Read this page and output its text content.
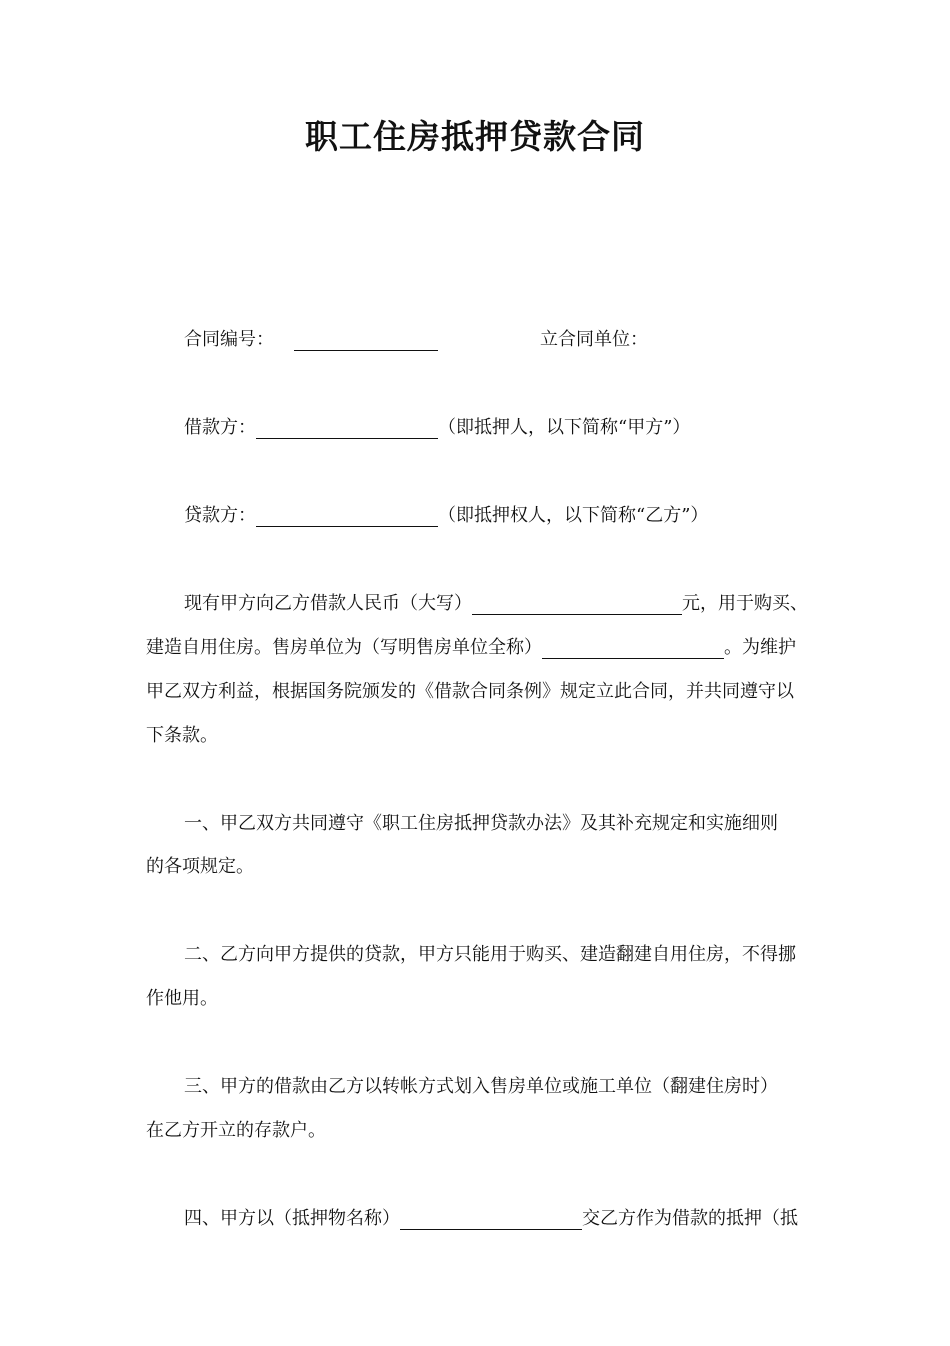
职工住房抵押贷款合同
合同编号：	立合同单位：
借款方：	（即抵押人，以下简称“甲方”）
贷款方：	（即抵押权人，以下简称“乙方”）
现有甲方向乙方借款人民币（大写）	元，用于购买、
建造自用住房。售房单位为（写明售房单位全称）	。为维护
甲乙双方利益，根据国务院颁发的《借款合同条例》规定立此合同，并共同遵守以
下条款。
一、甲乙双方共同遵守《职工住房抵押贷款办法》及其补充规定和实施细则
的各项规定。
二、乙方向甲方提供的贷款，甲方只能用于购买、建造翻建自用住房，不得挪
作他用。
三、甲方的借款由乙方以转帐方式划入售房单位或施工单位（翻建住房时）
在乙方开立的存款户。
四、甲方以（抵押物名称）	交乙方作为借款的抵押（抵
